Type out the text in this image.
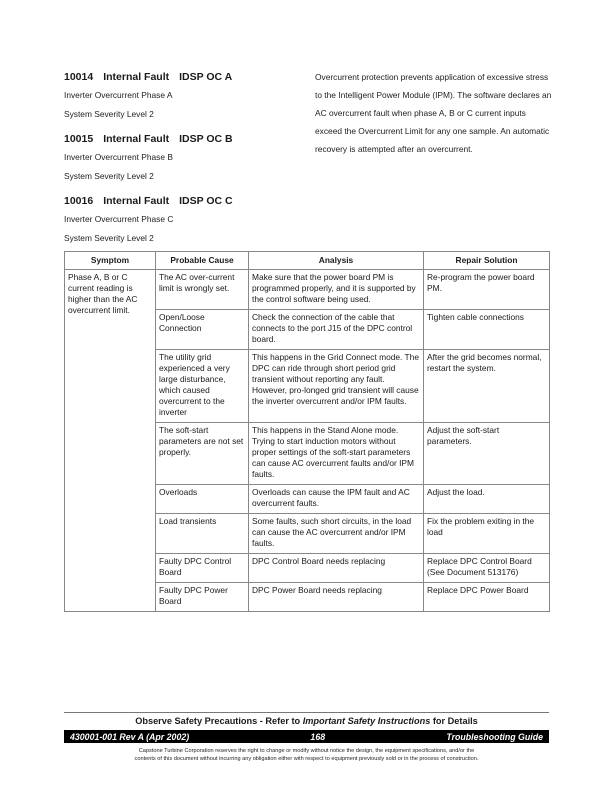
10014 Internal Fault IDSP OC A
Inverter Overcurrent Phase A
System Severity Level 2
10015 Internal Fault IDSP OC B
Inverter Overcurrent Phase B
System Severity Level 2
10016 Internal Fault IDSP OC C
Inverter Overcurrent Phase C
System Severity Level 2

Overcurrent protection prevents application of excessive stress to the Intelligent Power Module (IPM). The software declares an AC overcurrent fault when phase A, B or C current inputs exceed the Overcurrent Limit for any one sample. An automatic recovery is attempted after an overcurrent.

Symptom	Probable Cause	Analysis	Repair Solution
Phase A, B or C current reading is higher than the AC overcurrent limit.	The AC over-current limit is wrongly set.	Make sure that the power board PM is programmed properly, and it is supported by the control software being used.	Re-program the power board PM.
	Open/Loose Connection	Check the connection of the cable that connects to the port J15 of the DPC control board.	Tighten cable connections
	The utility grid experienced a very large disturbance, which caused overcurrent to the inverter	This happens in the Grid Connect mode. The DPC can ride through short period grid transient without reporting any fault. However, pro-longed grid transient will cause the inverter overcurrent and/or IPM faults.	After the grid becomes normal, restart the system.
	The soft-start parameters are not set properly.	This happens in the Stand Alone mode. Trying to start induction motors without proper settings of the soft-start parameters can cause AC overcurrent faults and/or IPM faults.	Adjust the soft-start parameters.
	Overloads	Overloads can cause the IPM fault and AC overcurrent faults.	Adjust the load.
	Load transients	Some faults, such short circuits, in the load can cause the AC overcurrent and/or IPM faults.	Fix the problem exiting in the load
	Faulty DPC Control Board	DPC Control Board needs replacing	Replace DPC Control Board (See Document 513176)
	Faulty DPC Power Board	DPC Power Board needs replacing	Replace DPC Power Board
Observe Safety Precautions - Refer to Important Safety Instructions for Details
430001-001 Rev A (Apr 2002)	168	Troubleshooting Guide
Capstone Turbine Corporation reserves the right to change or modify without notice the design, the equipment specifications, and/or the
contents of this document without incurring any obligation either with respect to equipment previously sold or in the process of construction.
